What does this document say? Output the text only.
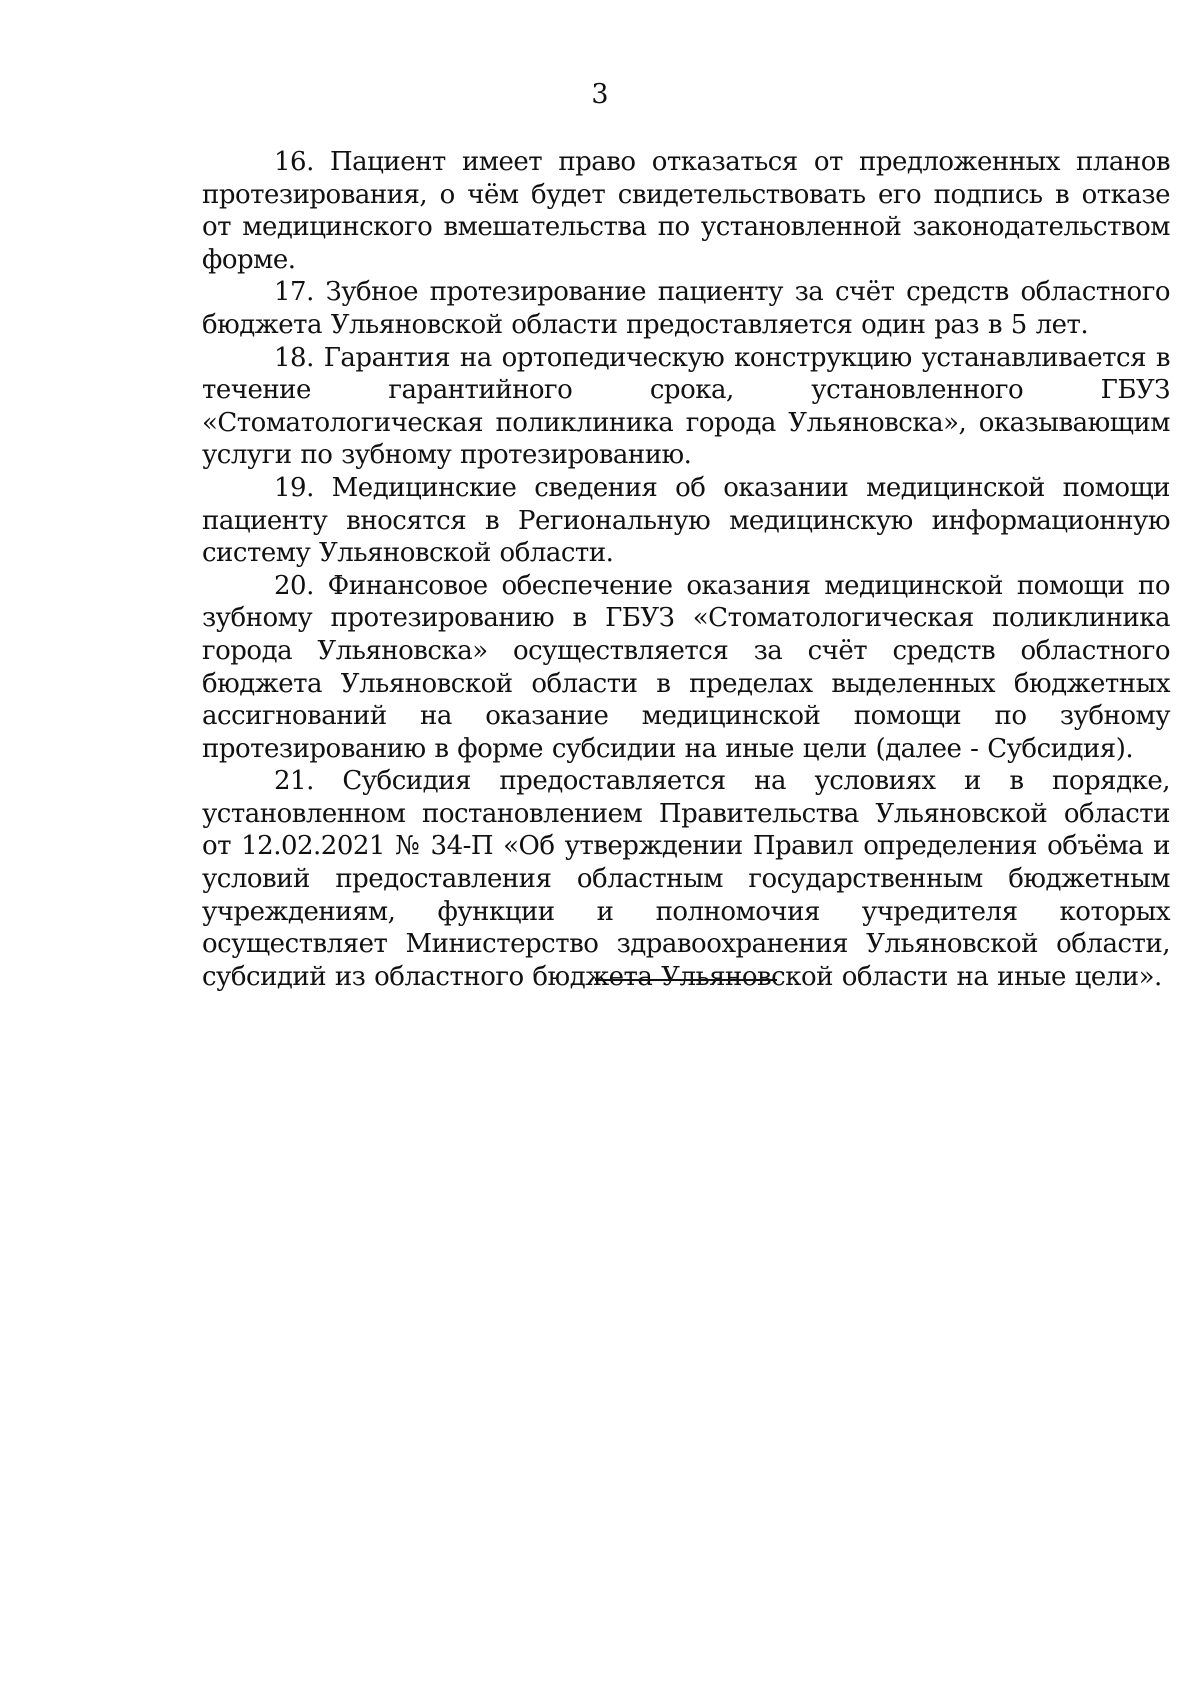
3

16. Пациент имеет право отказаться от предложенных планов протезирования, о чём будет свидетельствовать его подпись в отказе от медицинского вмешательства по установленной законодательством форме.

17. Зубное протезирование пациенту за счёт средств областного бюджета Ульяновской области предоставляется один раз в 5 лет.

18. Гарантия на ортопедическую конструкцию устанавливается в течение гарантийного срока, установленного ГБУЗ «Стоматологическая поликлиника города Ульяновска», оказывающим услуги по зубному протезированию.

19. Медицинские сведения об оказании медицинской помощи пациенту вносятся в Региональную медицинскую информационную систему Ульяновской области.

20. Финансовое обеспечение оказания медицинской помощи по зубному протезированию в ГБУЗ «Стоматологическая поликлиника города Ульяновска» осуществляется за счёт средств областного бюджета Ульяновской области в пределах выделенных бюджетных ассигнований на оказание медицинской помощи по зубному протезированию в форме субсидии на иные цели (далее - Субсидия).

21. Субсидия предоставляется на условиях и в порядке, установленном постановлением Правительства Ульяновской области от 12.02.2021 № 34-П «Об утверждении Правил определения объёма и условий предоставления областным государственным бюджетным учреждениям, функции и полномочия учредителя которых осуществляет Министерство здравоохранения Ульяновской области, субсидий из областного бюджета Ульяновской области на иные цели».
